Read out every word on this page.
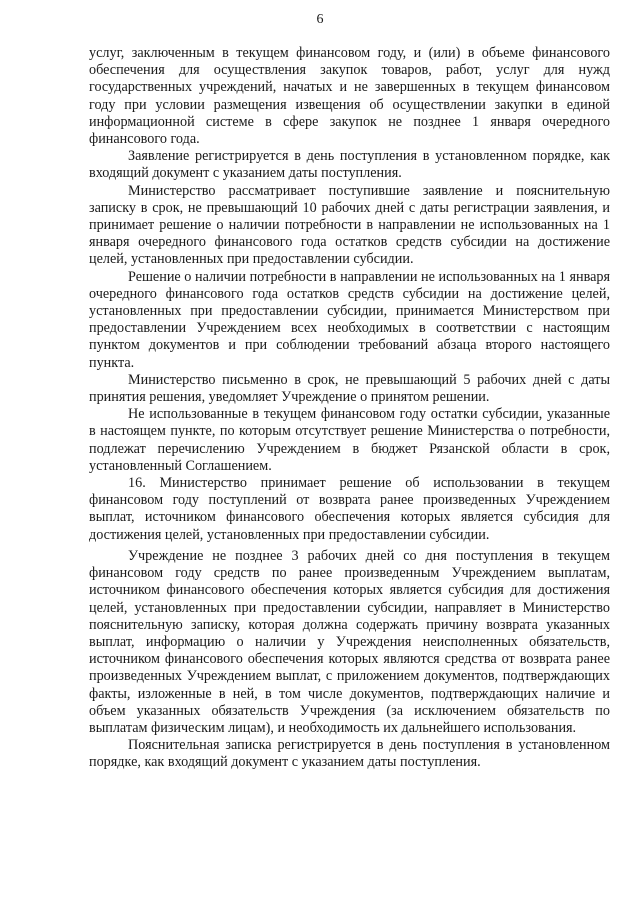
6

услуг, заключенным в текущем финансовом году, и (или) в объеме финансового обеспечения для осуществления закупок товаров, работ, услуг для нужд государственных учреждений, начатых и не завершенных в текущем финансовом году при условии размещения извещения об осуществлении закупки в единой информационной системе в сфере закупок не позднее 1 января очередного финансового года.

Заявление регистрируется в день поступления в установленном порядке, как входящий документ с указанием даты поступления.

Министерство рассматривает поступившие заявление и пояснительную записку в срок, не превышающий 10 рабочих дней с даты регистрации заявления, и принимает решение о наличии потребности в направлении не использованных на 1 января очередного финансового года остатков средств субсидии на достижение целей, установленных при предоставлении субсидии.

Решение о наличии потребности в направлении не использованных на 1 января очередного финансового года остатков средств субсидии на достижение целей, установленных при предоставлении субсидии, принимается Министерством при предоставлении Учреждением всех необходимых в соответствии с настоящим пунктом документов и при соблюдении требований абзаца второго настоящего пункта.

Министерство письменно в срок, не превышающий 5 рабочих дней с даты принятия решения, уведомляет Учреждение о принятом решении.

Не использованные в текущем финансовом году остатки субсидии, указанные в настоящем пункте, по которым отсутствует решение Министерства о потребности, подлежат перечислению Учреждением в бюджет Рязанской области в срок, установленный Соглашением.

16. Министерство принимает решение об использовании в текущем финансовом году поступлений от возврата ранее произведенных Учреждением выплат, источником финансового обеспечения которых является субсидия для достижения целей, установленных при предоставлении субсидии.

Учреждение не позднее 3 рабочих дней со дня поступления в текущем финансовом году средств по ранее произведенным Учреждением выплатам, источником финансового обеспечения которых является субсидия для достижения целей, установленных при предоставлении субсидии, направляет в Министерство пояснительную записку, которая должна содержать причину возврата указанных выплат, информацию о наличии у Учреждения неисполненных обязательств, источником финансового обеспечения которых являются средства от возврата ранее произведенных Учреждением выплат, с приложением документов, подтверждающих факты, изложенные в ней, в том числе документов, подтверждающих наличие и объем указанных обязательств Учреждения (за исключением обязательств по выплатам физическим лицам), и необходимость их дальнейшего использования.

Пояснительная записка регистрируется в день поступления в установленном порядке, как входящий документ с указанием даты поступления.
